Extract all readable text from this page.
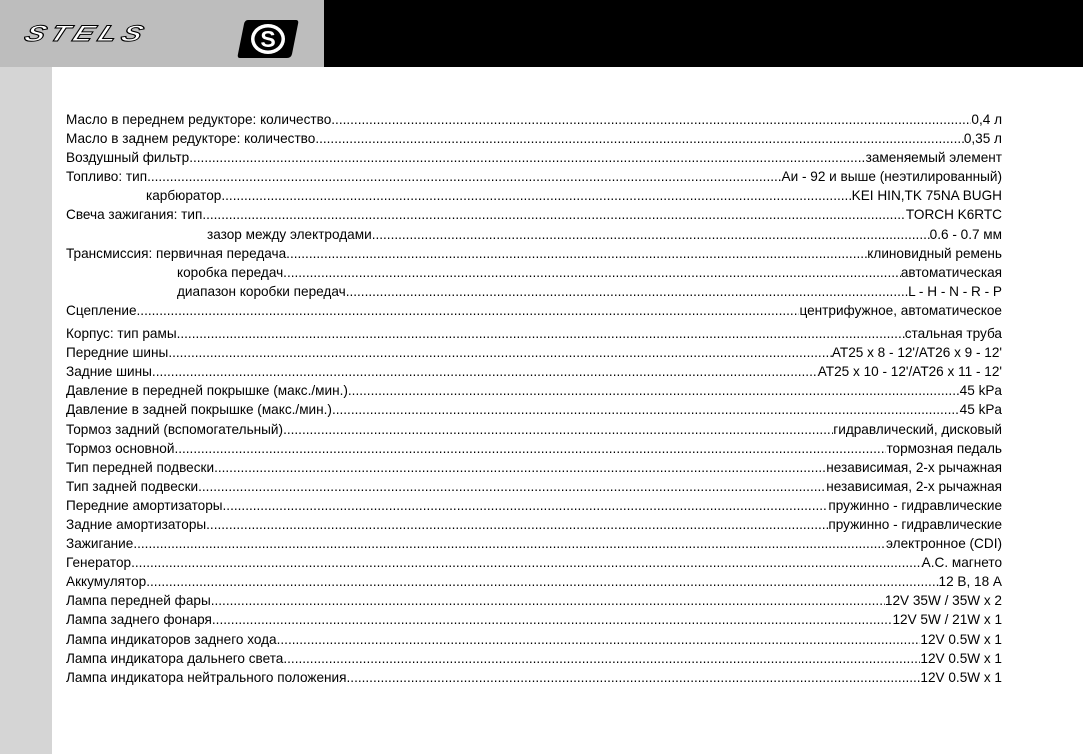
STELS	S
Масло в переднем редукторе: количество .....	0,4 л
Масло в заднем редукторе: количество .....	0,35 л
Воздушный фильтр .....	заменяемый элемент
Топливо: тип .....	Аи - 92 и выше (неэтилированный)
карбюратор .....	KEI HIN,TK 75NA BUGH
Свеча зажигания: тип .....	TORCH K6RTC
зазор между электродами .....	0.6 - 0.7 мм
Трансмиссия: первичная передача .....	клиновидный ремень
коробка передач .....	автоматическая
диапазон коробки передач .....	L - H - N - R - P
Сцепление .....	центрифужное, автоматическое
Корпус: тип рамы .....	стальная труба
Передние шины .....	AT25 x 8 - 12'/AT26 x 9 - 12'
Задние шины .....	AT25 x 10 - 12'/AT26 x 11 - 12'
Давление в передней покрышке (макс./мин.) .....	45 kPa
Давление в задней покрышке (макс./мин.) .....	45 kPa
Тормоз задний (вспомогательный) .....	гидравлический, дисковый
Тормоз основной .....	тормозная педаль
Тип передней подвески .....	независимая, 2-х рычажная
Тип задней подвески .....	независимая, 2-х рычажная
Передние амортизаторы .....	пружинно - гидравлические
Задние амортизаторы .....	пружинно - гидравлические
Зажигание .....	электронное (CDI)
Генератор .....	A.C. магнето
Аккумулятор .....	12 В, 18 А
Лампа передней фары .....	12V 35W / 35W x 2
Лампа заднего фонаря .....	12V 5W / 21W x 1
Лампа индикаторов заднего хода .....	12V 0.5W x 1
Лампа индикатора дальнего света .....	12V 0.5W x 1
Лампа индикатора нейтрального положения .....	12V 0.5W x 1
